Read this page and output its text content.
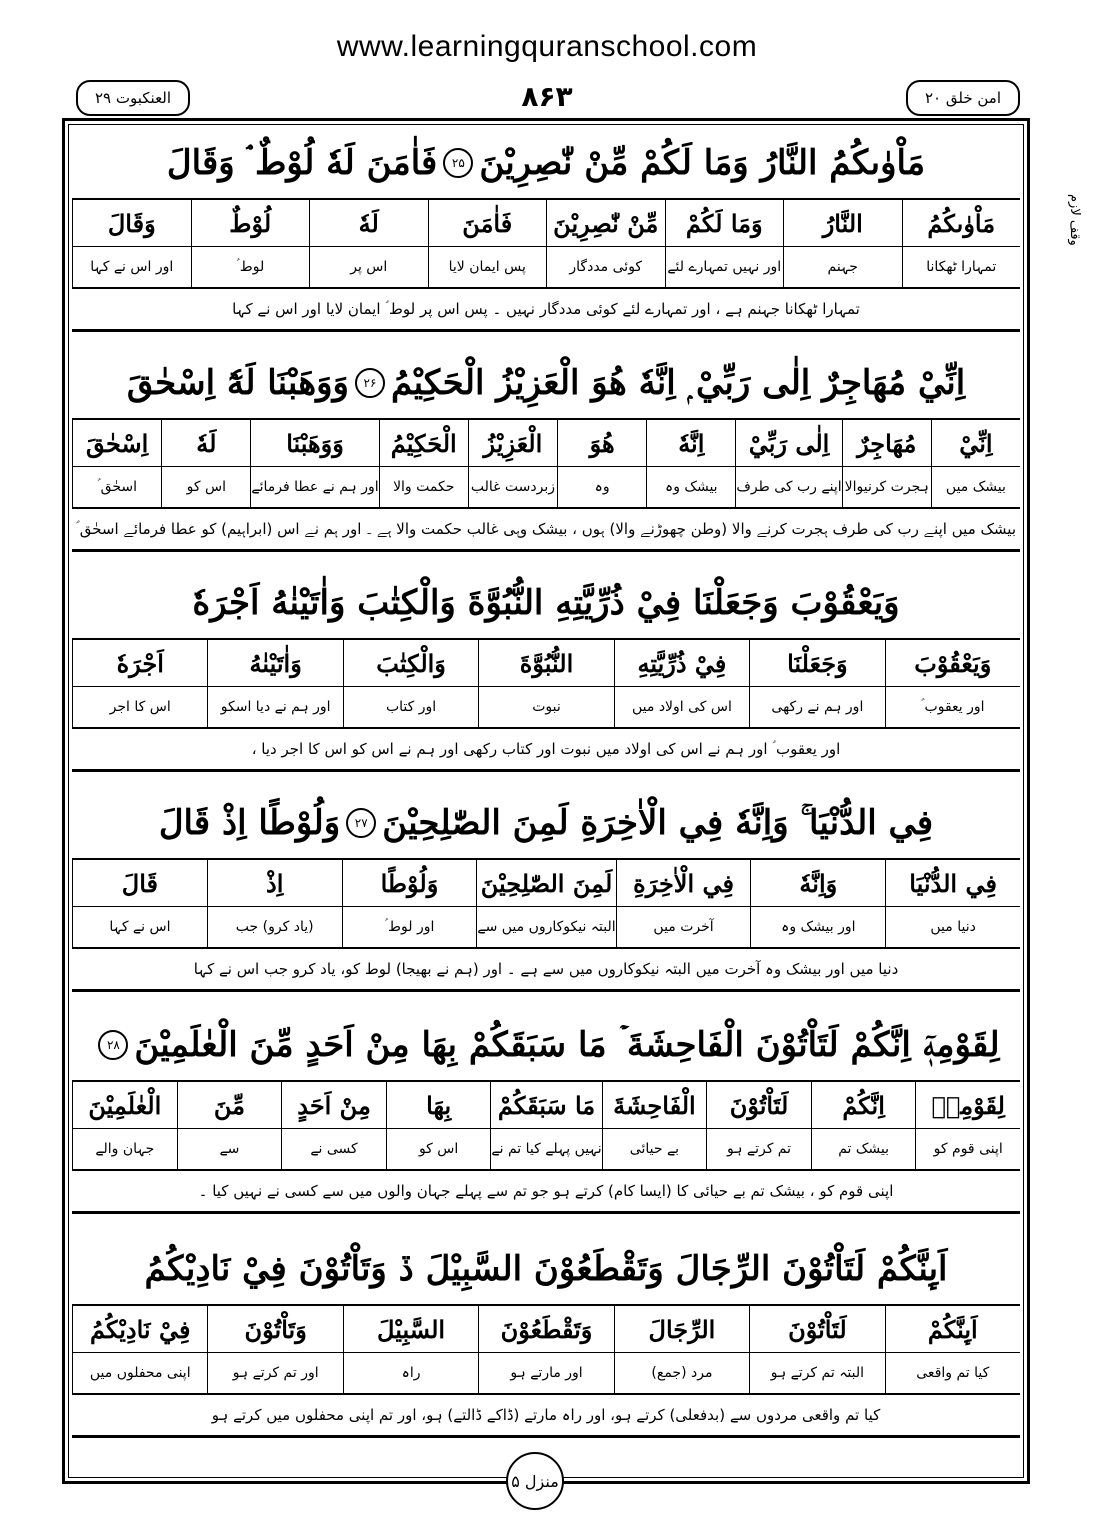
www.learningquranschool.com
العنکبوت ۲۹	۸۶۳	امن خلق ۲۰
وقف لازم
مَاْوٰىكُمُ النَّارُ وَمَا لَكُمْ مِّنْ نّٰصِرِيْنَ
۲۵
فَاٰمَنَ لَهٗ لُوْطٌ ۘ وَقَالَ
مَاْوٰىكُمُ
النَّارُ
وَمَا لَكُمْ
مِّنْ نّٰصِرِيْنَ
فَاٰمَنَ
لَهٗ
لُوْطٌ
وَقَالَ
تمہارا ٹھکانا
جہنم
اور نہیں تمہارے لئے
کوئی مددگار
پس ایمان لایا
اس پر
لوط ؑ
اور اس نے کہا
تمہارا ٹھکانا جہنم ہے ، اور تمہارے لئے کوئی مددگار نہیں ۔ پس اس پر لوط ؑ ایمان لایا اور اس نے کہا
اِنِّيْ مُهَاجِرٌ اِلٰى رَبِّيْ ۭ اِنَّهٗ هُوَ الْعَزِيْزُ الْحَكِيْمُ
۲۶
وَوَهَبْنَا لَهٗٓ اِسْحٰقَ
اِنِّيْ
مُهَاجِرٌ
اِلٰى رَبِّيْ
اِنَّهٗ
هُوَ
الْعَزِيْزُ
الْحَكِيْمُ
وَوَهَبْنَا
لَهٗ
اِسْحٰقَ
بیشک میں
ہجرت کرنیوالا
اپنے رب کی طرف
بیشک وہ
وہ
زبردست غالب
حکمت والا
اور ہم نے عطا فرمائے
اس کو
اسحٰق ؑ
بیشک میں اپنے رب کی طرف ہجرت کرنے والا (وطن چھوڑنے والا) ہوں ، بیشک وہی غالب حکمت والا ہے ۔ اور ہم نے اس (ابراہیم) کو عطا فرمائے اسحٰق ؑ
وَيَعْقُوْبَ وَجَعَلْنَا فِيْ ذُرِّيَّتِهِ النُّبُوَّةَ وَالْكِتٰبَ وَاٰتَيْنٰهُ اَجْرَهٗ
وَيَعْقُوْبَ
وَجَعَلْنَا
فِيْ ذُرِّيَّتِهِ
النُّبُوَّةَ
وَالْكِتٰبَ
وَاٰتَيْنٰهُ
اَجْرَهٗ
اور یعقوب ؑ
اور ہم نے رکھی
اس کی اولاد میں
نبوت
اور کتاب
اور ہم نے دیا اسکو
اس کا اجر
اور یعقوب ؑ اور ہم نے اس کی اولاد میں نبوت اور کتاب رکھی اور ہم نے اس کو اس کا اجر دیا ،
فِي الدُّنْيَا ۚ وَاِنَّهٗ فِي الْاٰخِرَةِ لَمِنَ الصّٰلِحِيْنَ
۲۷
وَلُوْطًا اِذْ قَالَ
فِي الدُّنْيَا
وَاِنَّهٗ
فِي الْاٰخِرَةِ
لَمِنَ الصّٰلِحِيْنَ
وَلُوْطًا
اِذْ
قَالَ
دنیا میں
اور بیشک وہ
آخرت میں
البتہ نیکوکاروں میں سے
اور لوط ؑ
(یاد کرو) جب
اس نے کہا
دنیا میں اور بیشک وہ آخرت میں البتہ نیکوکاروں میں سے ہے ۔ اور (ہم نے بھیجا) لوط کو، یاد کرو جب اس نے کہا
لِقَوْمِهٖٓ اِنَّكُمْ لَتَاْتُوْنَ الْفَاحِشَةَ ۡ مَا سَبَقَكُمْ بِهَا مِنْ اَحَدٍ مِّنَ الْعٰلَمِيْنَ
۲۸
لِقَوْمِهٖ
اِنَّكُمْ
لَتَاْتُوْنَ
الْفَاحِشَةَ
مَا سَبَقَكُمْ
بِهَا
مِنْ اَحَدٍ
مِّنَ
الْعٰلَمِيْنَ
اپنی قوم کو
بیشک تم
تم کرتے ہو
بے حیائی
نہیں پہلے کیا تم نے
اس کو
کسی نے
سے
جہان والے
اپنی قوم کو ، بیشک تم بے حیائی کا (ایسا کام) کرتے ہو جو تم سے پہلے جہان والوں میں سے کسی نے نہیں کیا ۔
اَىِٕنَّكُمْ لَتَاْتُوْنَ الرِّجَالَ وَتَقْطَعُوْنَ السَّبِيْلَ ڏ وَتَاْتُوْنَ فِيْ نَادِيْكُمُ
اَىِٕنَّكُمْ
لَتَاْتُوْنَ
الرِّجَالَ
وَتَقْطَعُوْنَ
السَّبِيْلَ
وَتَاْتُوْنَ
فِيْ نَادِيْكُمُ
کیا تم واقعی
البتہ تم کرتے ہو
مرد (جمع)
اور مارتے ہو
راہ
اور تم کرتے ہو
اپنی محفلوں میں
کیا تم واقعی مردوں سے (بدفعلی) کرتے ہو، اور راہ مارتے (ڈاکے ڈالتے) ہو، اور تم اپنی محفلوں میں کرتے ہو
منزل ۵
